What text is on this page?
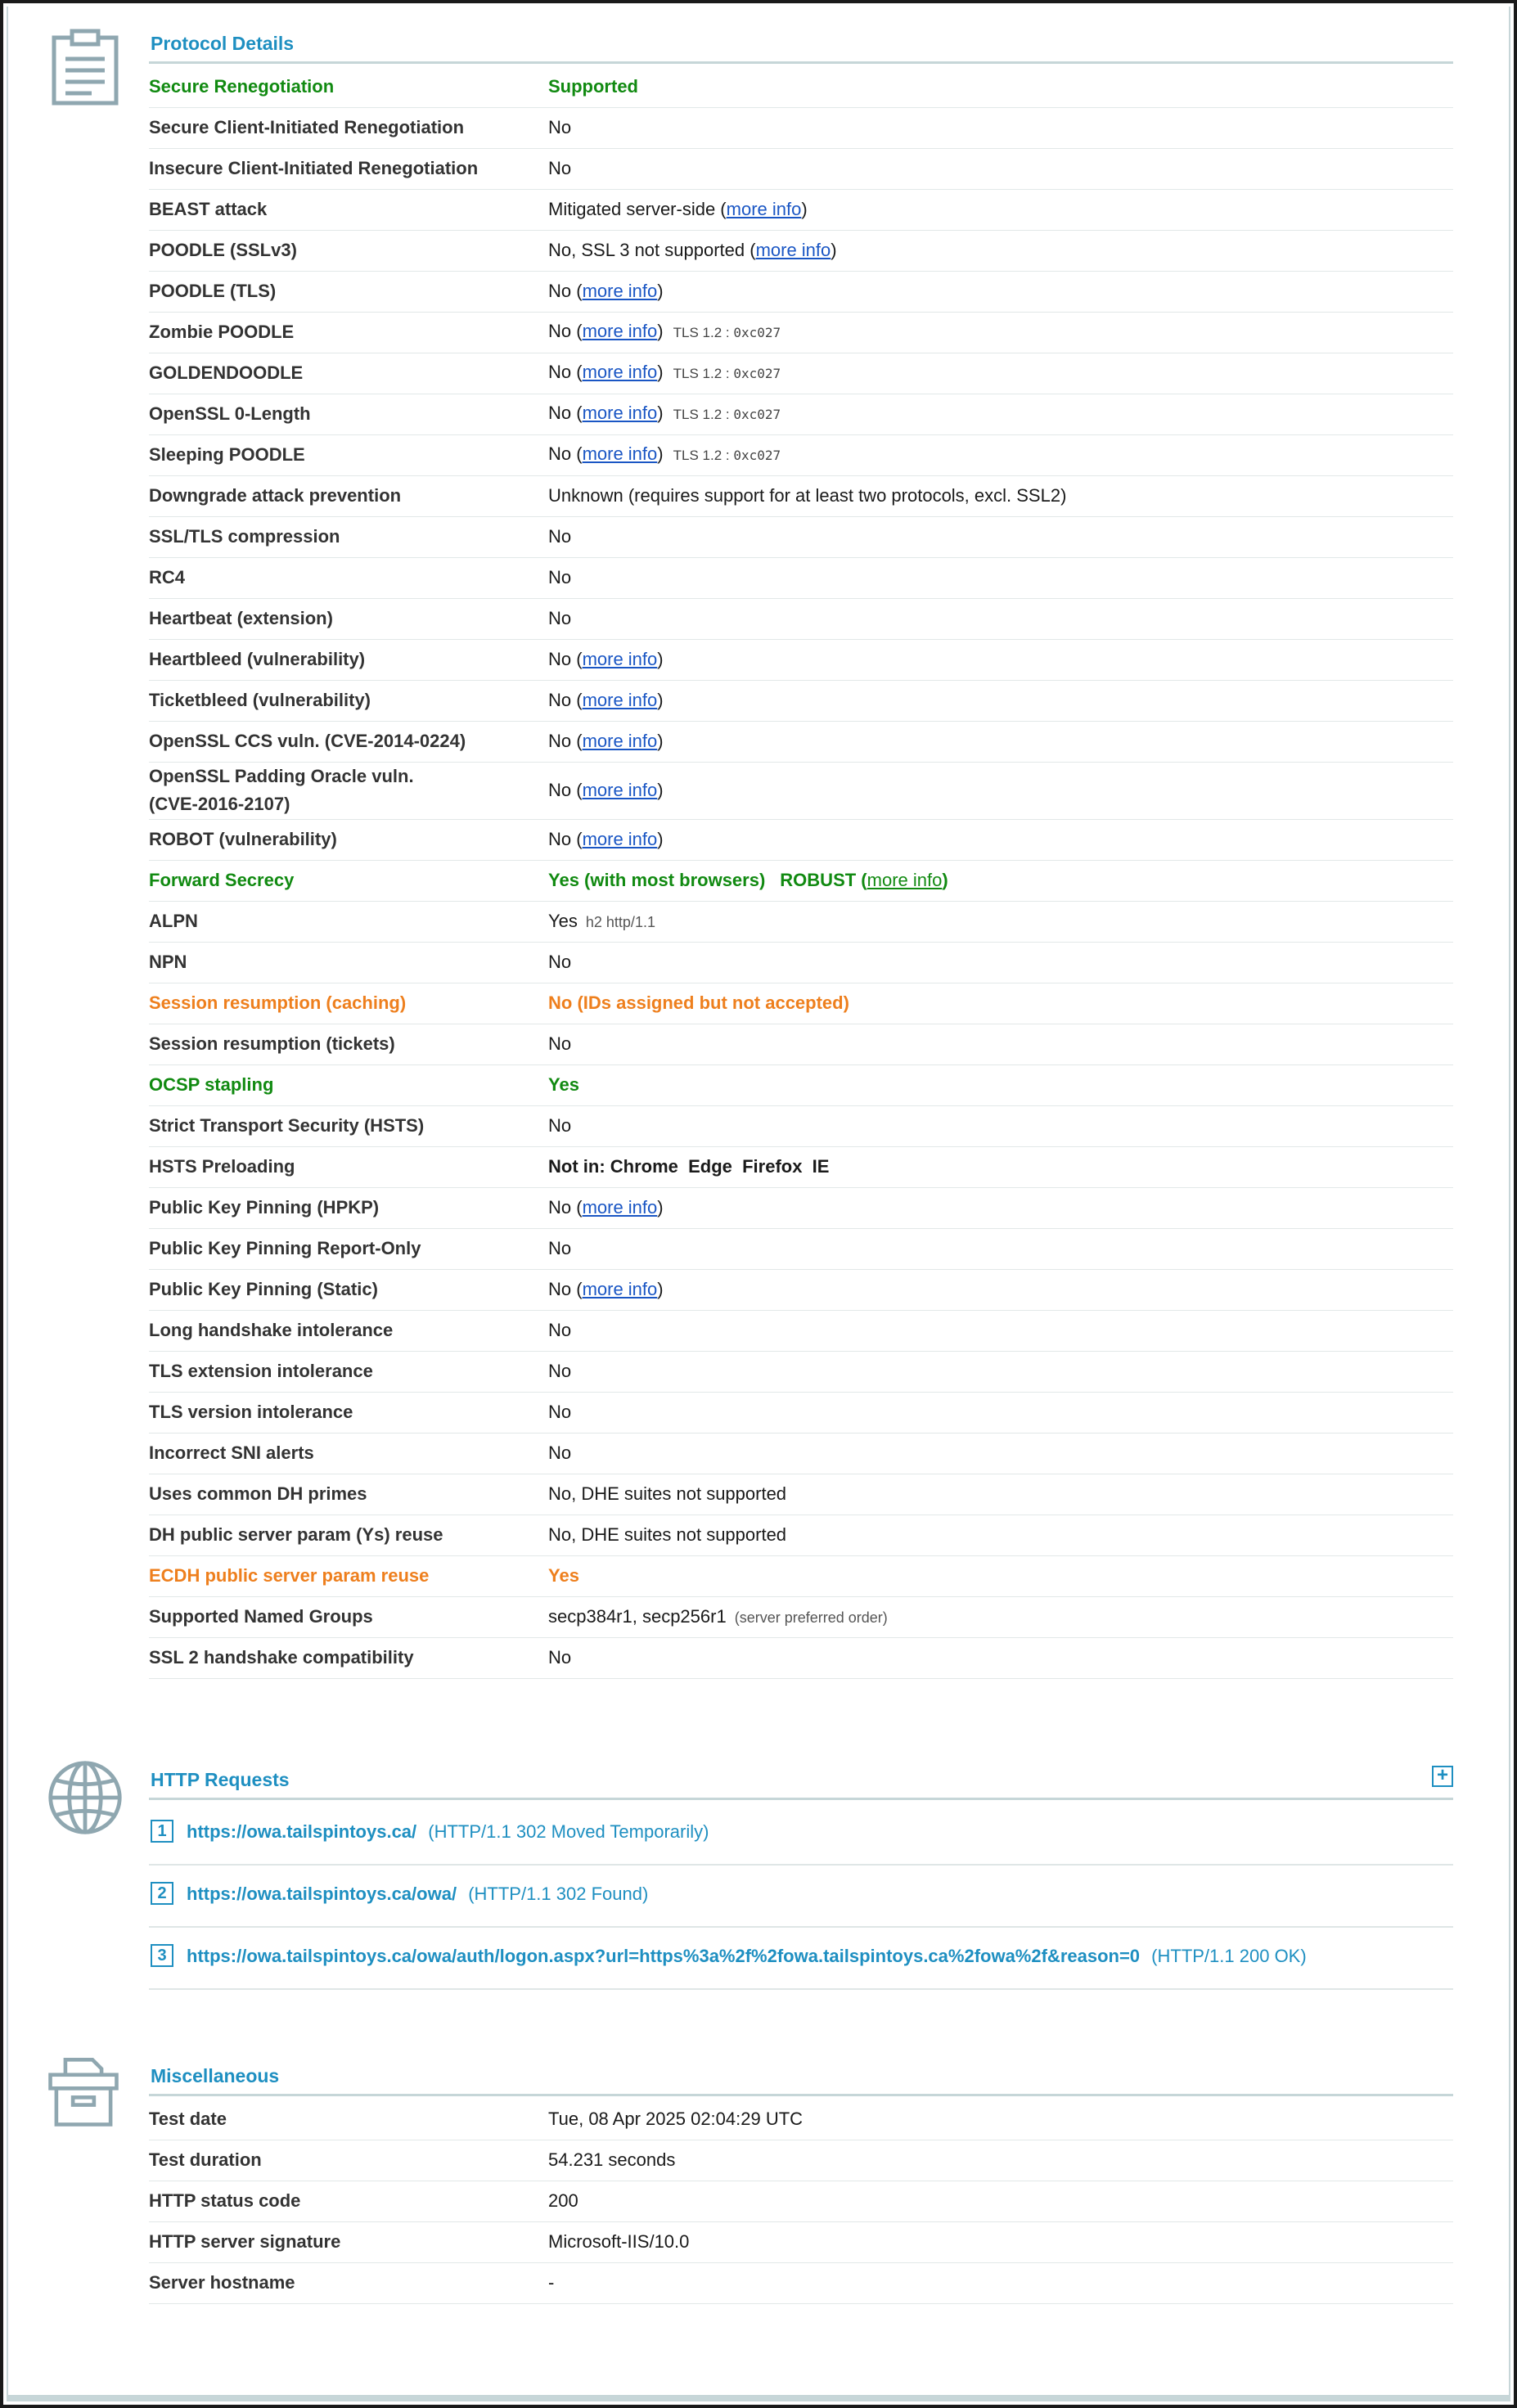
Protocol Details
Secure Renegotiation	Supported
Secure Client-Initiated Renegotiation	No
Insecure Client-Initiated Renegotiation	No
BEAST attack	Mitigated server-side (more info)
POODLE (SSLv3)	No, SSL 3 not supported (more info)
POODLE (TLS)	No (more info)
Zombie POODLE	No (more info) TLS 1.2 : 0xc027
GOLDENDOODLE	No (more info) TLS 1.2 : 0xc027
OpenSSL 0-Length	No (more info) TLS 1.2 : 0xc027
Sleeping POODLE	No (more info) TLS 1.2 : 0xc027
Downgrade attack prevention	Unknown (requires support for at least two protocols, excl. SSL2)
SSL/TLS compression	No
RC4	No
Heartbeat (extension)	No
Heartbleed (vulnerability)	No (more info)
Ticketbleed (vulnerability)	No (more info)
OpenSSL CCS vuln. (CVE-2014-0224)	No (more info)
OpenSSL Padding Oracle vuln.
(CVE-2016-2107)	No (more info)
ROBOT (vulnerability)	No (more info)
Forward Secrecy	Yes (with most browsers) ROBUST (more info)
ALPN	Yes h2 http/1.1
NPN	No
Session resumption (caching)	No (IDs assigned but not accepted)
Session resumption (tickets)	No
OCSP stapling	Yes
Strict Transport Security (HSTS)	No
HSTS Preloading	Not in: Chrome  Edge  Firefox  IE
Public Key Pinning (HPKP)	No (more info)
Public Key Pinning Report-Only	No
Public Key Pinning (Static)	No (more info)
Long handshake intolerance	No
TLS extension intolerance	No
TLS version intolerance	No
Incorrect SNI alerts	No
Uses common DH primes	No, DHE suites not supported
DH public server param (Ys) reuse	No, DHE suites not supported
ECDH public server param reuse	Yes
Supported Named Groups	secp384r1, secp256r1 (server preferred order)
SSL 2 handshake compatibility	No
HTTP Requests	+
1	https://owa.tailspintoys.ca/ (HTTP/1.1 302 Moved Temporarily)
2	https://owa.tailspintoys.ca/owa/ (HTTP/1.1 302 Found)
3	https://owa.tailspintoys.ca/owa/auth/logon.aspx?url=https%3a%2f%2fowa.tailspintoys.ca%2fowa%2f&reason=0 (HTTP/1.1 200 OK)
Miscellaneous
Test date	Tue, 08 Apr 2025 02:04:29 UTC
Test duration	54.231 seconds
HTTP status code	200
HTTP server signature	Microsoft-IIS/10.0
Server hostname	-
